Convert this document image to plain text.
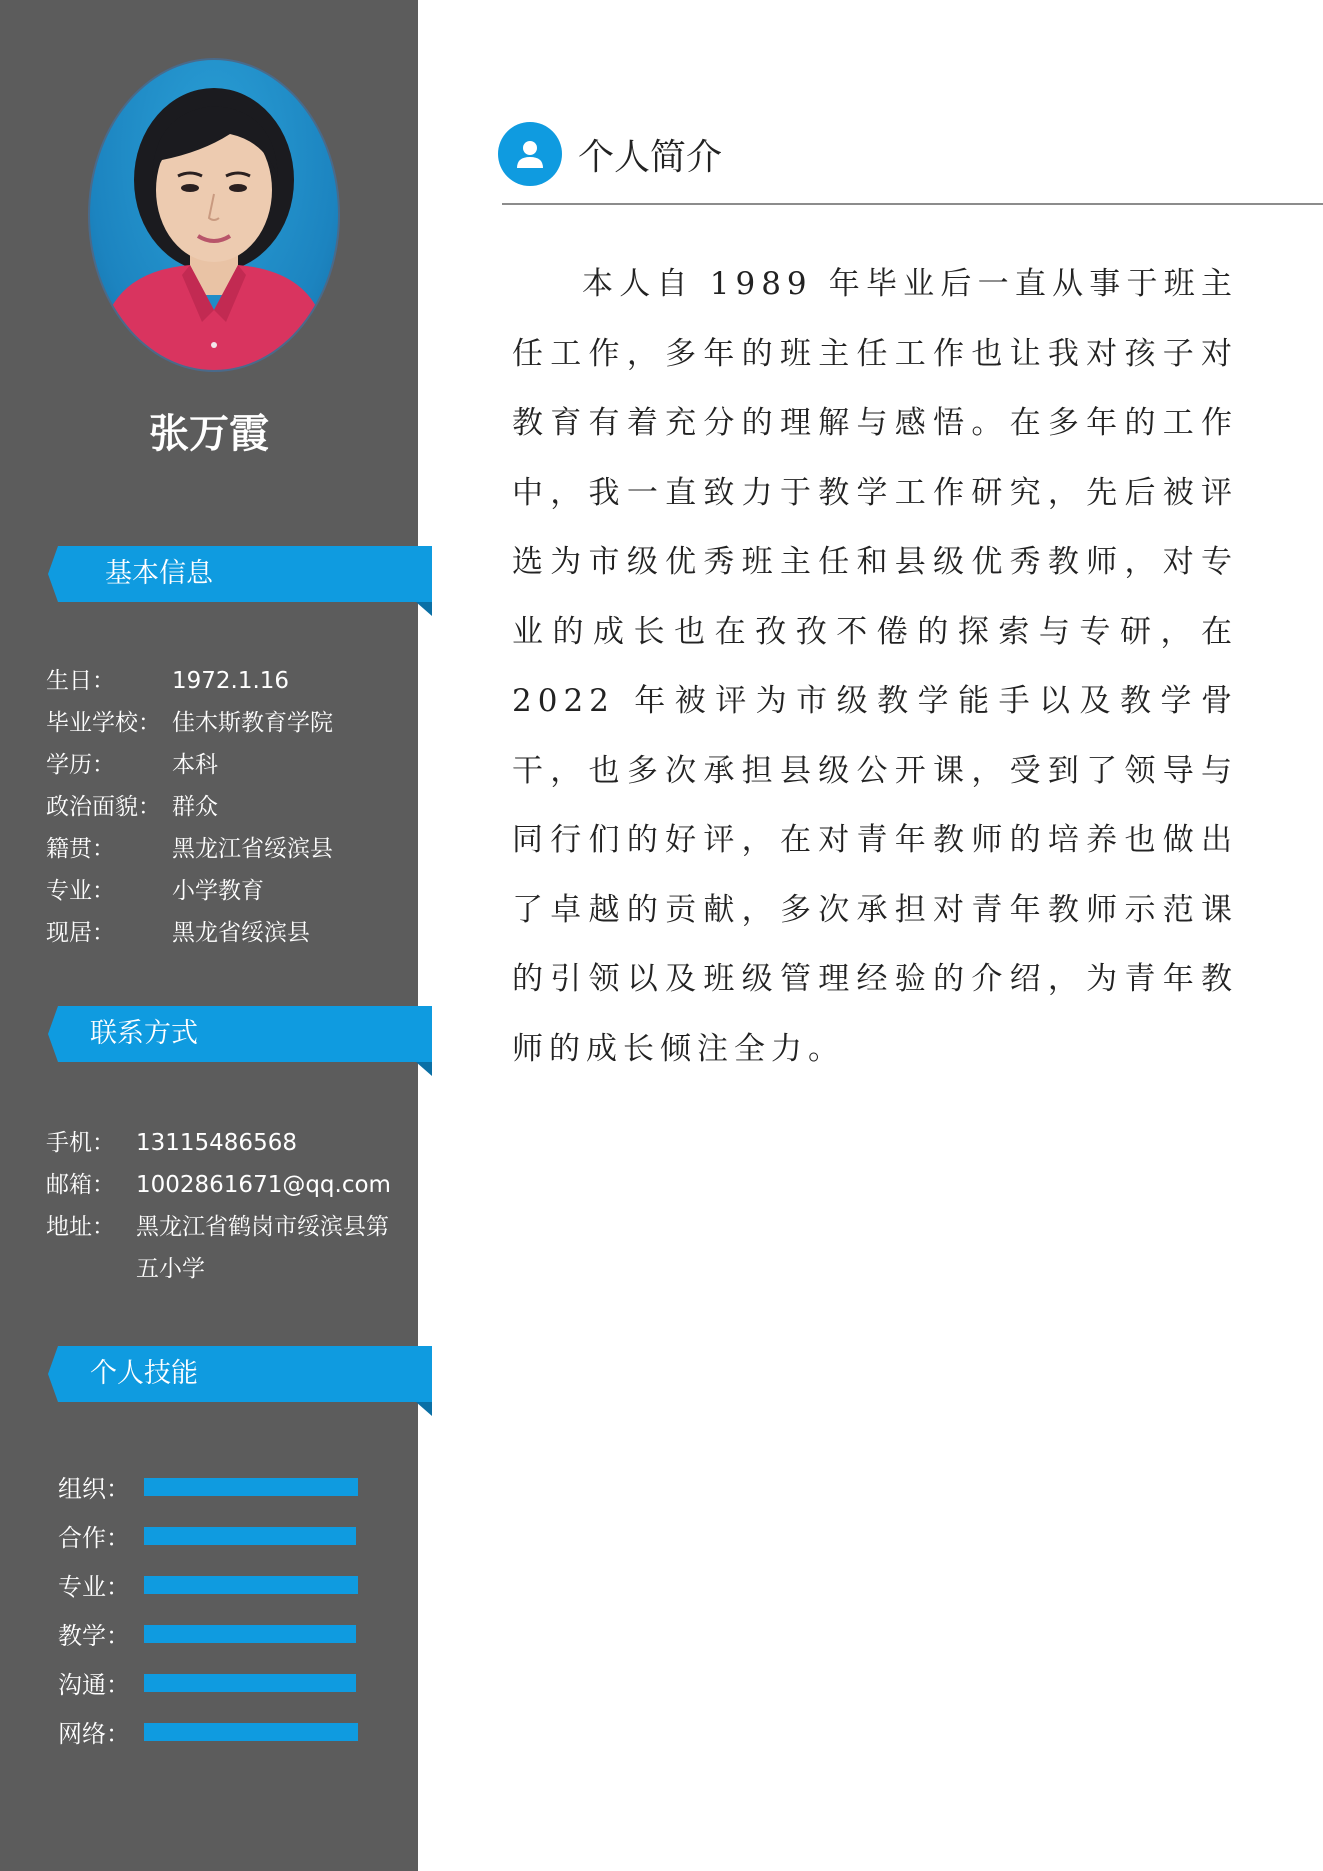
张万霞
基本信息
生日：	1972.1.16
毕业学校： 佳木斯教育学院
学历：	本科
政治面貌： 群众
籍贯：	黑龙江省绥滨县
专业：	小学教育
现居：	黑龙省绥滨县
联系方式
手机： 13115486568
邮箱： 1002861671@qq.com
地址： 黑龙江省鹤岗市绥滨县第五小学
个人技能
组织：
合作：
专业：
教学：
沟通：
网络：
个人简介

本人自 1989 年毕业后一直从事于班主任工作，多年的班主任工作也让我对孩子对教育有着充分的理解与感悟。在多年的工作中，我一直致力于教学工作研究，先后被评选为市级优秀班主任和县级优秀教师，对专业的成长也在孜孜不倦的探索与专研，在 2022 年被评为市级教学能手以及教学骨干，也多次承担县级公开课，受到了领导与同行们的好评，在对青年教师的培养也做出了卓越的贡献，多次承担对青年教师示范课的引领以及班级管理经验的介绍，为青年教师的成长倾注全力。
